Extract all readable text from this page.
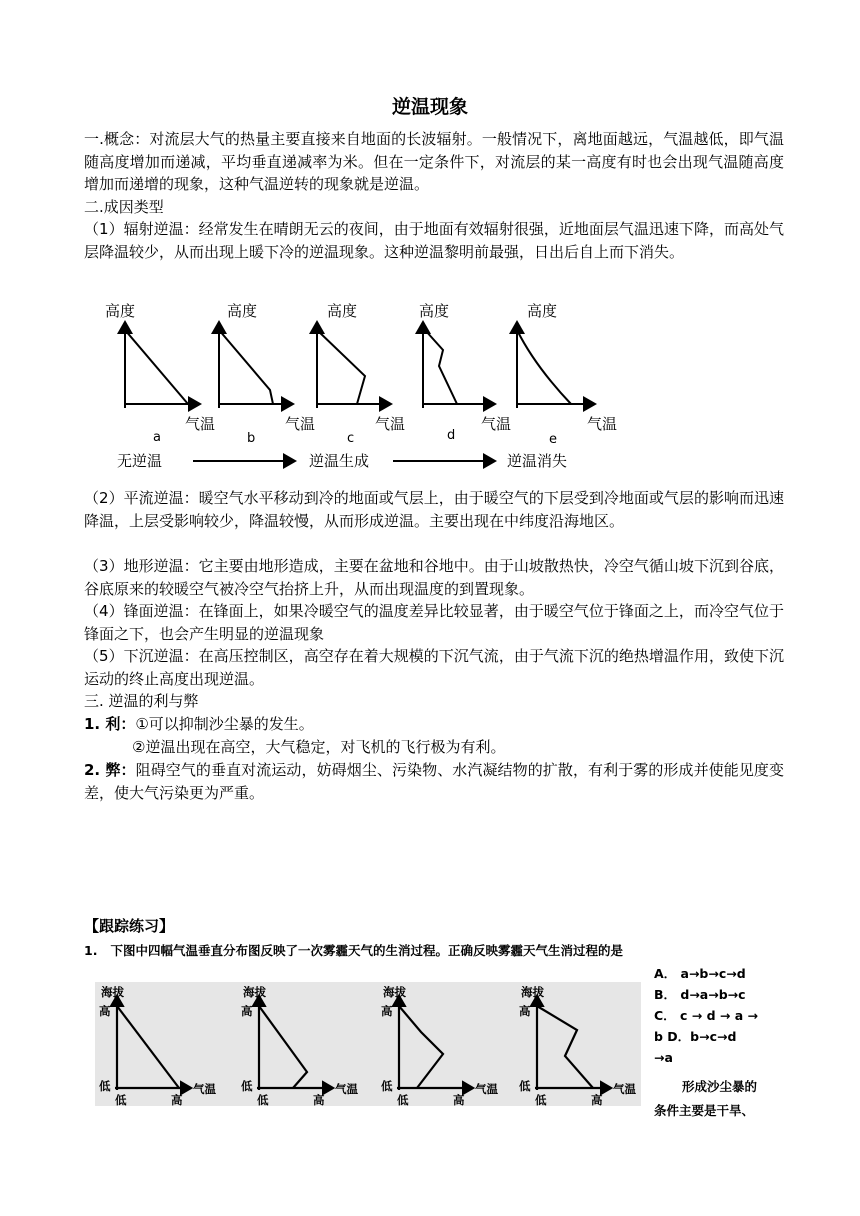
逆温现象
一.概念：对流层大气的热量主要直接来自地面的长波辐射。一般情况下，离地面越远，气温越低，即气温随高度增加而递减，平均垂直递减率为米。但在一定条件下，对流层的某一高度有时也会出现气温随高度增加而递增的现象，这种气温逆转的现象就是逆温。
二.成因类型
（1）辐射逆温：经常发生在晴朗无云的夜间，由于地面有效辐射很强，近地面层气温迅速下降，而高处气层降温较少，从而出现上暖下冷的逆温现象。这种逆温黎明前最强，日出后自上而下消失。
高度	高度	高度	高度	高度
气温	气温	气温	气温	气温
a	b	c	d	e
无逆温	逆温生成	逆温消失
（2）平流逆温：暖空气水平移动到冷的地面或气层上，由于暖空气的下层受到冷地面或气层的影响而迅速降温，上层受影响较少，降温较慢，从而形成逆温。主要出现在中纬度沿海地区。
（3）地形逆温：它主要由地形造成，主要在盆地和谷地中。由于山坡散热快，冷空气循山坡下沉到谷底，谷底原来的较暖空气被冷空气抬挤上升，从而出现温度的到置现象。
（4）锋面逆温：在锋面上，如果冷暖空气的温度差异比较显著，由于暖空气位于锋面之上，而冷空气位于锋面之下，也会产生明显的逆温现象
（5）下沉逆温：在高压控制区，高空存在着大规模的下沉气流，由于气流下沉的绝热增温作用，致使下沉运动的终止高度出现逆温。
三. 逆温的利与弊
1. 利：①可以抑制沙尘暴的发生。
②逆温出现在高空，大气稳定，对飞机的飞行极为有利。
2. 弊：阻碍空气的垂直对流运动，妨碍烟尘、污染物、水汽凝结物的扩散，有利于雾的形成并使能见度变差，使大气污染更为严重。
【跟踪练习】
1. 下图中四幅气温垂直分布图反映了一次雾霾天气的生消过程。正确反映雾霾天气生消过程的是
海拔
高
低
低	高
气温
海拔
高
低
低	高
气温
海拔
高
低
低	高
气温
海拔
高
低
低	高
气温
A． a→b→c→d
B． d→a→b→c
C． c → d → a →
b D．b→c→d
→a
形成沙尘暴的
条件主要是干旱、
